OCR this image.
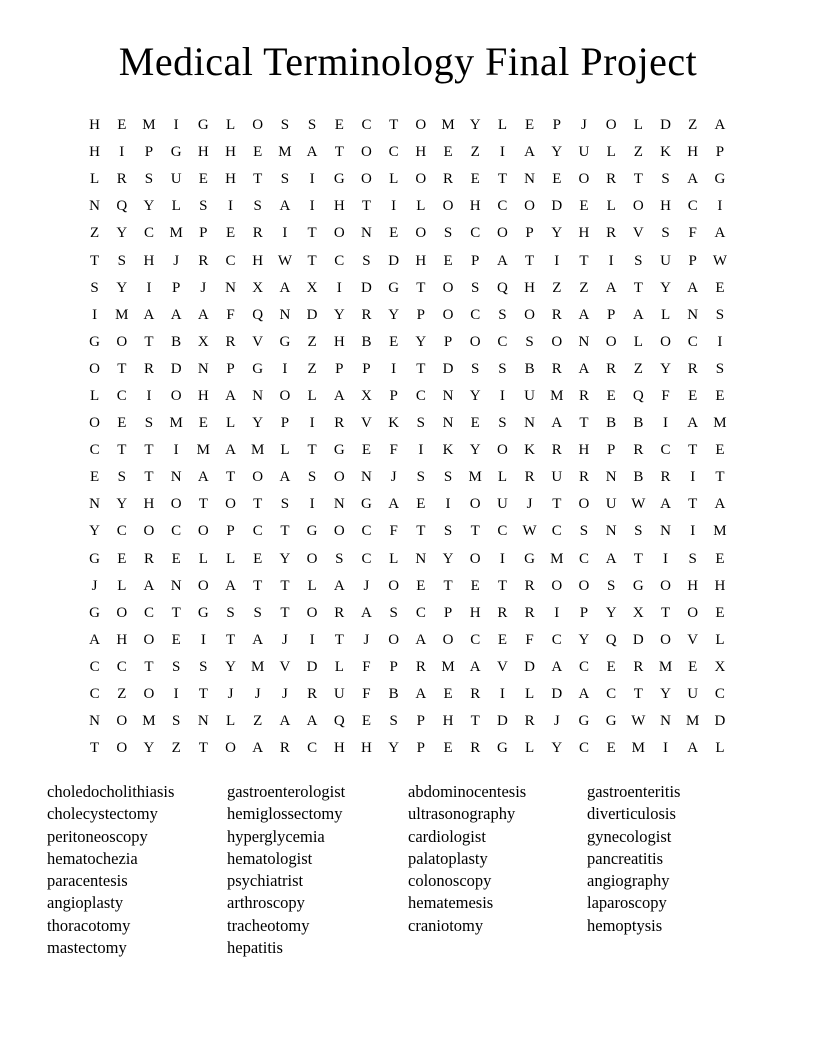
Medical Terminology Final Project
H	E	M	I	G	L	O	S	S	E	C	T	O	M	Y	L	E	P	J	O	L	D	Z	A
H	I	P	G	H	H	E	M	A	T	O	C	H	E	Z	I	A	Y	U	L	Z	K	H	P
L	R	S	U	E	H	T	S	I	G	O	L	O	R	E	T	N	E	O	R	T	S	A	G
N	Q	Y	L	S	I	S	A	I	H	T	I	L	O	H	C	O	D	E	L	O	H	C	I
Z	Y	C	M	P	E	R	I	T	O	N	E	O	S	C	O	P	Y	H	R	V	S	F	A
T	S	H	J	R	C	H W	T	C	S	D	H	E	P	A	T	I	T	I	S	U	P	W
S	Y	I	P	J	N	X	A	X	I	D	G	T	O	S	Q	H	Z	Z	A	T	Y	A	E
I	M	A	A	A	F	Q	N	D	Y	R	Y	P	O	C	S	O	R	A	P	A	L	N	S
G	O	T	B	X	R	V	G	Z	H	B	E	Y	P	O	C	S	O	N	O	L	O	C	I
O	T	R	D	N	P	G	I	Z	P	P	I	T	D	S	S	B	R	A	R	Z	Y	R	S
L	C	I	O	H	A	N	O	L	A	X	P	C	N	Y	I	U	M	R	E	Q	F	E	E
O	E	S	M	E	L	Y	P	I	R	V	K	S	N	E	S	N	A	T	B	B	I	A	M
C	T	T	I	M	A	M	L	T	G	E	F	I	K	Y	O	K	R	H	P	R	C	T	E
E	S	T	N	A	T	O	A	S	O	N	J	S	S	M	L	R	U	R	N	B	R	I	T
N	Y	H	O	T	O	T	S	I	N	G	A	E	I	O	U	J	T	O	U W A	T	A
Y	C	O	C	O	P	C	T	G	O	C	F	T	S	T	C	W	C	S	N	S	N	I	M
G	E	R	E	L	L	E	Y	O	S	C	L	N	Y	O	I	G	M	C	A	T	I	S	E
J	L	A	N	O	A	T	T	L	A	J	O	E	T	E	T	R	O	O	S	G	O	H	H
G	O	C	T	G	S	S	T	O	R	A	S	C	P	H	R	R	I	P	Y	X	T	O	E
A	H	O	E	I	T	A	J	I	T	J	O	A	O	C	E	F	C	Y	Q	D	O	V	L
C	C	T	S	S	Y	M	V	D	L	F	P	R	M	A	V	D	A	C	E	R	M	E	X
C	Z	O	I	T	J	J	J	R	U	F	B	A	E	R	I	L	D	A	C	T	Y	U	C
N	O	M	S	N	L	Z	A	A	Q	E	S	P	H	T	D	R	J	G	G W N	M	D
T	O	Y	Z	T	O	A	R	C	H	H	Y	P	E	R	G	L	Y	C	E	M	I	A	L
choledocholithiasis
cholecystectomy
peritoneoscopy
hematochezia
paracentesis
angioplasty
thoracotomy
mastectomy
gastroenterologist
hemiglossectomy
hyperglycemia
hematologist
psychiatrist
arthroscopy
tracheotomy
hepatitis
abdominocentesis
ultrasonography
cardiologist
palatoplasty
colonoscopy
hematemesis
craniotomy
gastroenteritis
diverticulosis
gynecologist
pancreatitis
angiography
laparoscopy
hemoptysis
